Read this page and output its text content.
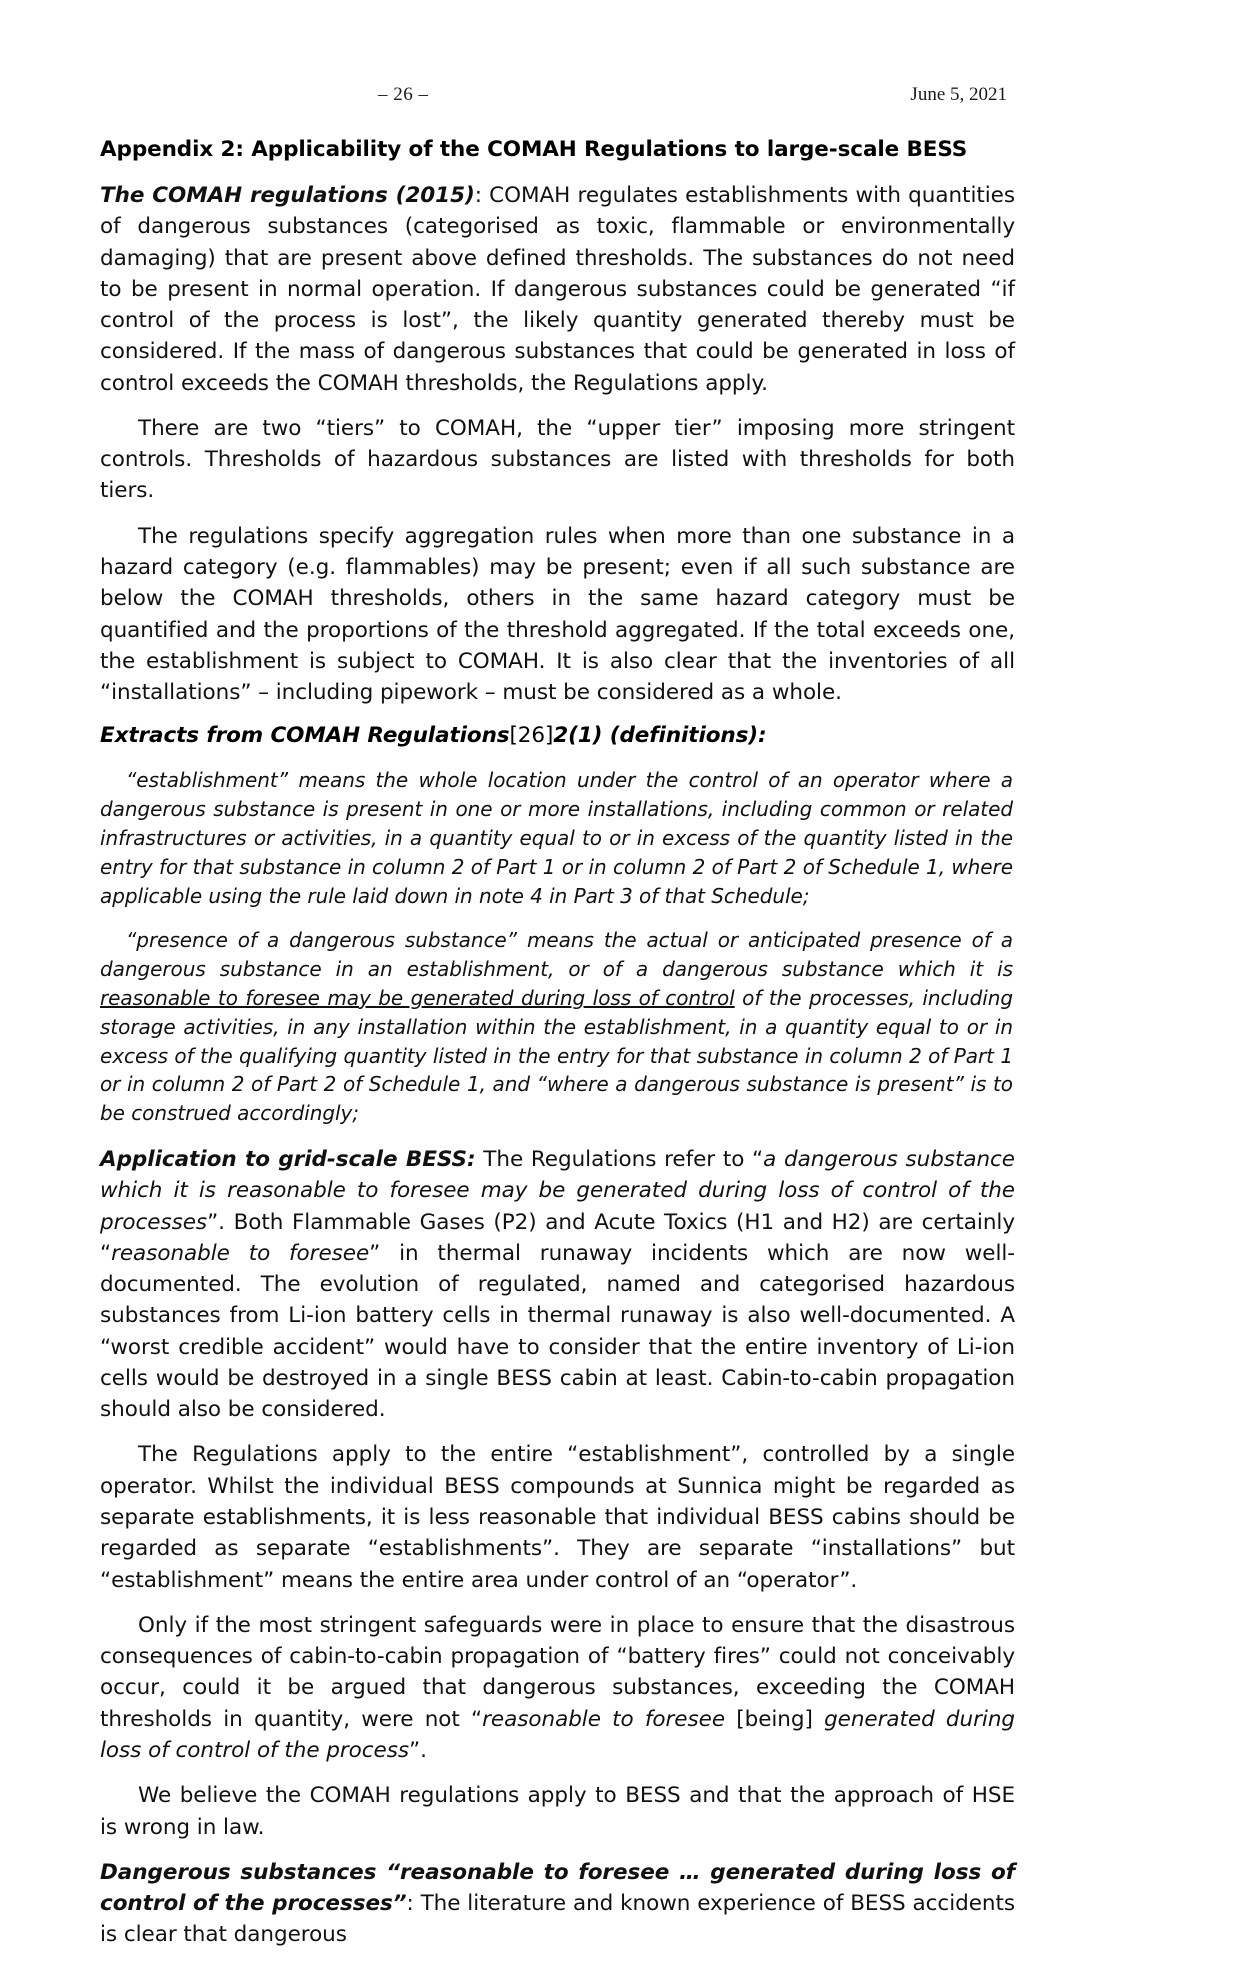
– 26 –	June 5, 2021
Appendix 2: Applicability of the COMAH Regulations to large-scale BESS

The COMAH regulations (2015): COMAH regulates establishments with quantities of dangerous substances (categorised as toxic, flammable or environmentally damaging) that are present above defined thresholds. The substances do not need to be present in normal operation. If dangerous substances could be generated “if control of the process is lost”, the likely quantity generated thereby must be considered. If the mass of dangerous substances that could be generated in loss of control exceeds the COMAH thresholds, the Regulations apply.

There are two “tiers” to COMAH, the “upper tier” imposing more stringent controls. Thresholds of hazardous substances are listed with thresholds for both tiers.

The regulations specify aggregation rules when more than one substance in a hazard category (e.g. flammables) may be present; even if all such substance are below the COMAH thresholds, others in the same hazard category must be quantified and the proportions of the threshold aggregated. If the total exceeds one, the establishment is subject to COMAH. It is also clear that the inventories of all “installations” – including pipework – must be considered as a whole.

Extracts from COMAH Regulations[26]2(1) (definitions):
“establishment” means the whole location under the control of an operator where a dangerous substance is present in one or more installations, including common or related infrastructures or activities, in a quantity equal to or in excess of the quantity listed in the entry for that substance in column 2 of Part 1 or in column 2 of Part 2 of Schedule 1, where applicable using the rule laid down in note 4 in Part 3 of that Schedule;
“presence of a dangerous substance” means the actual or anticipated presence of a dangerous substance in an establishment, or of a dangerous substance which it is reasonable to foresee may be generated during loss of control of the processes, including storage activities, in any installation within the establishment, in a quantity equal to or in excess of the qualifying quantity listed in the entry for that substance in column 2 of Part 1 or in column 2 of Part 2 of Schedule 1, and “where a dangerous substance is present” is to be construed accordingly;

Application to grid-scale BESS: The Regulations refer to “a dangerous substance which it is reasonable to foresee may be generated during loss of control of the processes”. Both Flammable Gases (P2) and Acute Toxics (H1 and H2) are certainly “reasonable to foresee” in thermal runaway incidents which are now well-documented. The evolution of regulated, named and categorised hazardous substances from Li-ion battery cells in thermal runaway is also well-documented. A “worst credible accident” would have to consider that the entire inventory of Li-ion cells would be destroyed in a single BESS cabin at least. Cabin-to-cabin propagation should also be considered.

The Regulations apply to the entire “establishment”, controlled by a single operator. Whilst the individual BESS compounds at Sunnica might be regarded as separate establishments, it is less reasonable that individual BESS cabins should be regarded as separate “establishments”. They are separate “installations” but “establishment” means the entire area under control of an “operator”.

Only if the most stringent safeguards were in place to ensure that the disastrous consequences of cabin-to-cabin propagation of “battery fires” could not conceivably occur, could it be argued that dangerous substances, exceeding the COMAH thresholds in quantity, were not “reasonable to foresee [being] generated during loss of control of the process”.

We believe the COMAH regulations apply to BESS and that the approach of HSE is wrong in law.

Dangerous substances “reasonable to foresee … generated during loss of control of the processes”: The literature and known experience of BESS accidents is clear that dangerous
